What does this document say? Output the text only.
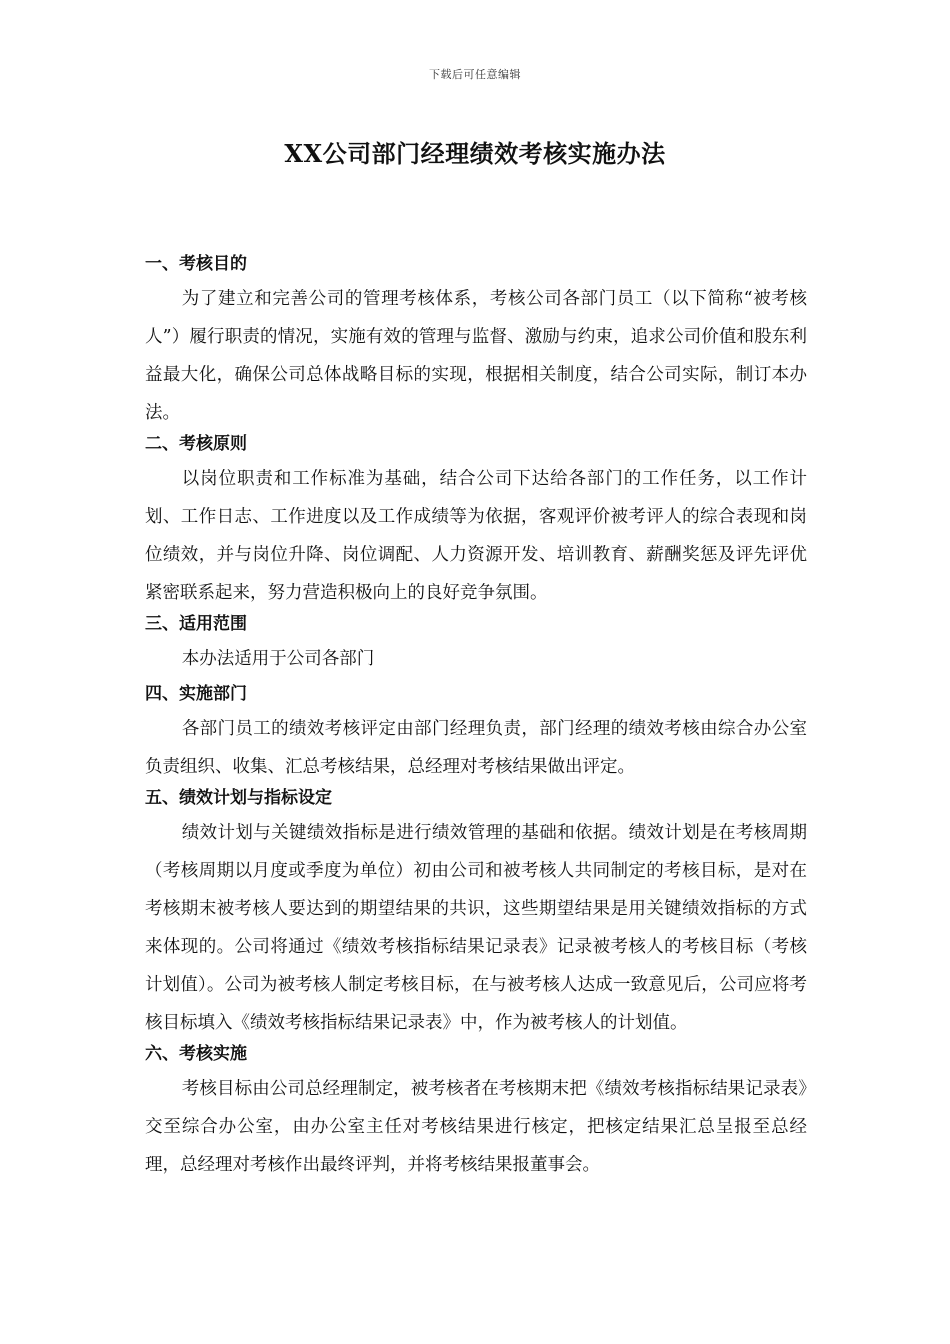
下载后可任意编辑
XX公司部门经理绩效考核实施办法
一、考核目的

为了建立和完善公司的管理考核体系，考核公司各部门员工（以下简称“被考核人”）履行职责的情况，实施有效的管理与监督、激励与约束，追求公司价值和股东利益最大化，确保公司总体战略目标的实现，根据相关制度，结合公司实际，制订本办法。

二、考核原则

以岗位职责和工作标准为基础，结合公司下达给各部门的工作任务，以工作计划、工作日志、工作进度以及工作成绩等为依据，客观评价被考评人的综合表现和岗位绩效，并与岗位升降、岗位调配、人力资源开发、培训教育、薪酬奖惩及评先评优紧密联系起来，努力营造积极向上的良好竞争氛围。

三、适用范围

本办法适用于公司各部门

四、实施部门

各部门员工的绩效考核评定由部门经理负责，部门经理的绩效考核由综合办公室负责组织、收集、汇总考核结果，总经理对考核结果做出评定。

五、绩效计划与指标设定

绩效计划与关键绩效指标是进行绩效管理的基础和依据。绩效计划是在考核周期（考核周期以月度或季度为单位）初由公司和被考核人共同制定的考核目标，是对在考核期末被考核人要达到的期望结果的共识，这些期望结果是用关键绩效指标的方式来体现的。公司将通过《绩效考核指标结果记录表》记录被考核人的考核目标（考核计划值）。公司为被考核人制定考核目标，在与被考核人达成一致意见后，公司应将考核目标填入《绩效考核指标结果记录表》中，作为被考核人的计划值。

六、考核实施

考核目标由公司总经理制定，被考核者在考核期末把《绩效考核指标结果记录表》交至综合办公室，由办公室主任对考核结果进行核定，把核定结果汇总呈报至总经理，总经理对考核作出最终评判，并将考核结果报董事会。
